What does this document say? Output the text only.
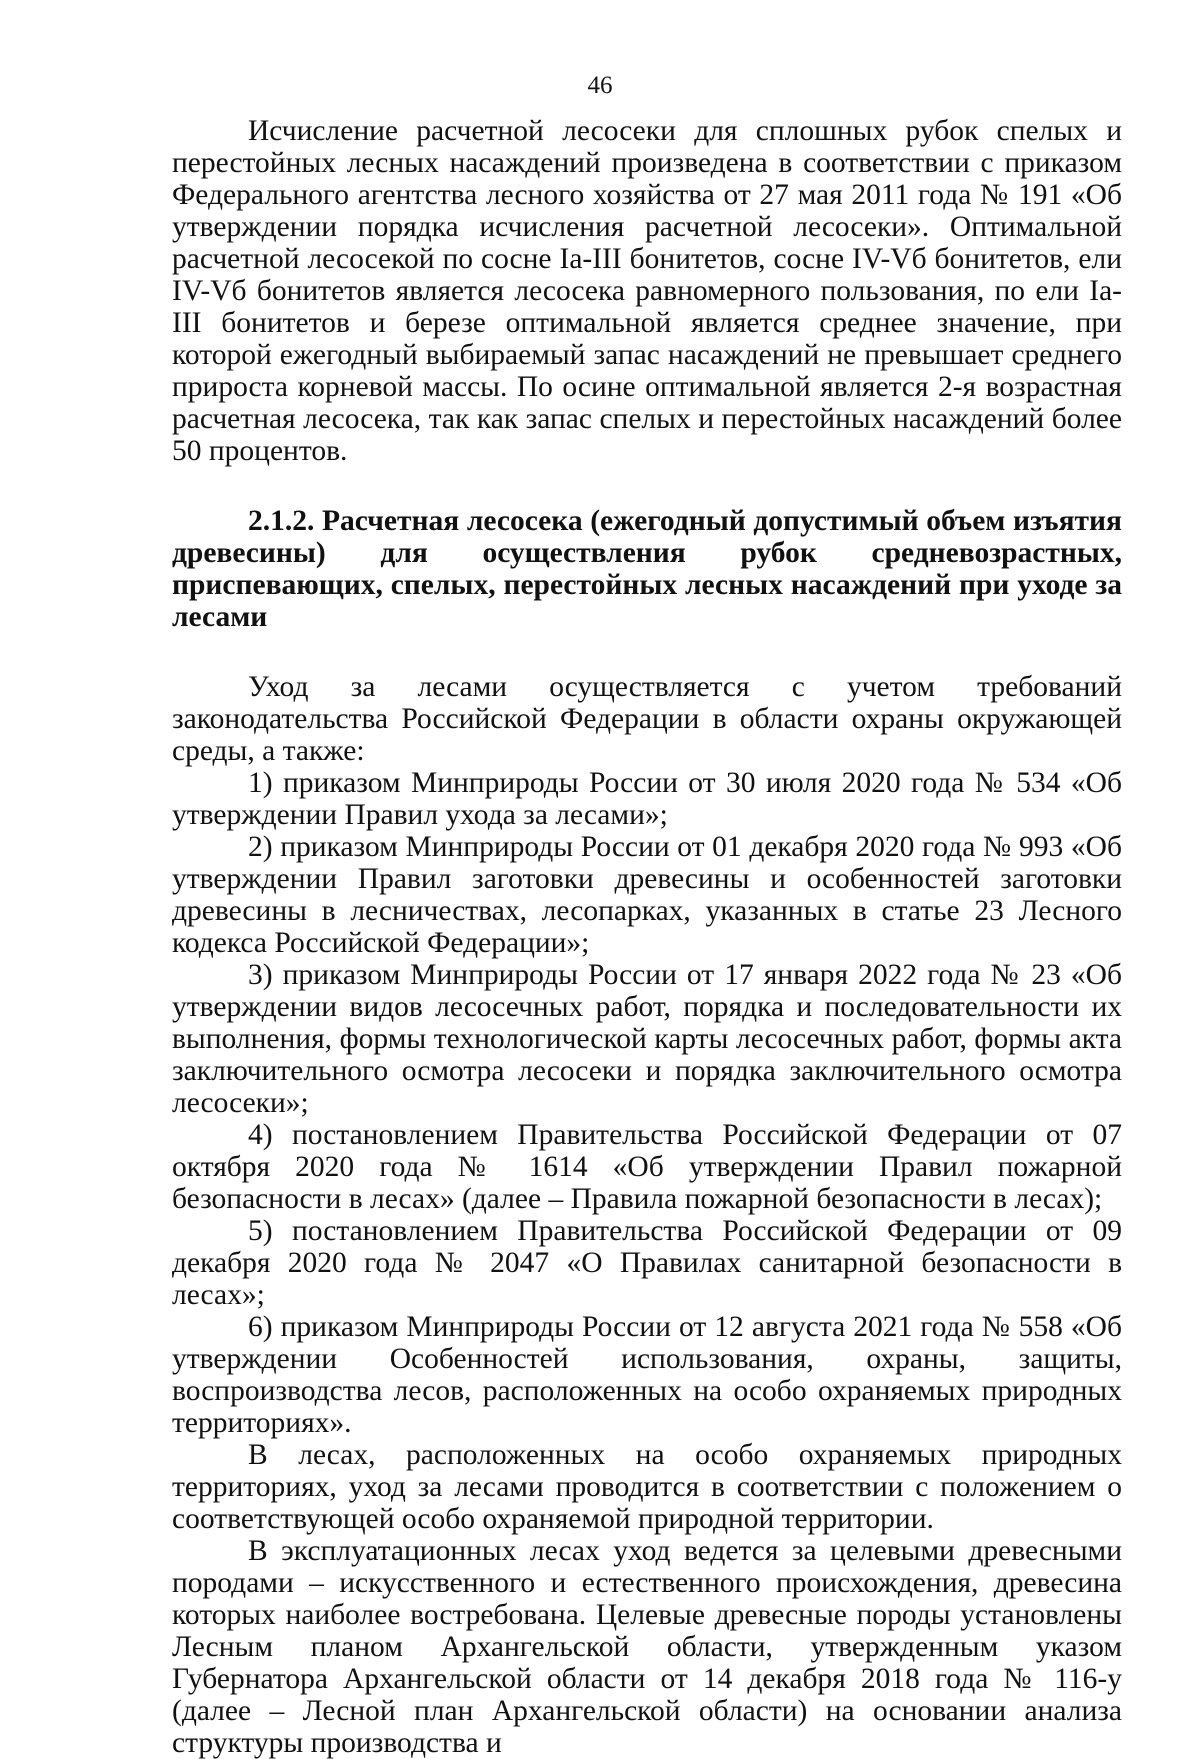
46

Исчисление расчетной лесосеки для сплошных рубок спелых и перестойных лесных насаждений произведена в соответствии с приказом Федерального агентства лесного хозяйства от 27 мая 2011 года № 191 «Об утверждении порядка исчисления расчетной лесосеки». Оптимальной расчетной лесосекой по сосне Ia-III бонитетов, сосне IV-Vб бонитетов, ели IV-Vб бонитетов является лесосека равномерного пользования, по ели Ia-III бонитетов и березе оптимальной является среднее значение, при которой ежегодный выбираемый запас насаждений не превышает среднего прироста корневой массы. По осине оптимальной является 2-я возрастная расчетная лесосека, так как запас спелых и перестойных насаждений более 50 процентов.

2.1.2. Расчетная лесосека (ежегодный допустимый объем изъятия древесины) для осуществления рубок средневозрастных, приспевающих, спелых, перестойных лесных насаждений при уходе за лесами

Уход за лесами осуществляется с учетом требований законодательства Российской Федерации в области охраны окружающей среды, а также:

1) приказом Минприроды России от 30 июля 2020 года № 534 «Об утверждении Правил ухода за лесами»;

2) приказом Минприроды России от 01 декабря 2020 года № 993 «Об утверждении Правил заготовки древесины и особенностей заготовки древесины в лесничествах, лесопарках, указанных в статье 23 Лесного кодекса Российской Федерации»;

3) приказом Минприроды России от 17 января 2022 года № 23 «Об утверждении видов лесосечных работ, порядка и последовательности их выполнения, формы технологической карты лесосечных работ, формы акта заключительного осмотра лесосеки и порядка заключительного осмотра лесосеки»;

4) постановлением Правительства Российской Федерации от 07 октября 2020 года № 1614 «Об утверждении Правил пожарной безопасности в лесах» (далее – Правила пожарной безопасности в лесах);

5) постановлением Правительства Российской Федерации от 09 декабря 2020 года № 2047 «О Правилах санитарной безопасности в лесах»;

6) приказом Минприроды России от 12 августа 2021 года № 558 «Об утверждении Особенностей использования, охраны, защиты, воспроизводства лесов, расположенных на особо охраняемых природных территориях».

В лесах, расположенных на особо охраняемых природных территориях, уход за лесами проводится в соответствии с положением о соответствующей особо охраняемой природной территории.

В эксплуатационных лесах уход ведется за целевыми древесными породами – искусственного и естественного происхождения, древесина которых наиболее востребована. Целевые древесные породы установлены Лесным планом Архангельской области, утвержденным указом Губернатора Архангельской области от 14 декабря 2018 года № 116-у (далее – Лесной план Архангельской области) на основании анализа структуры производства и
